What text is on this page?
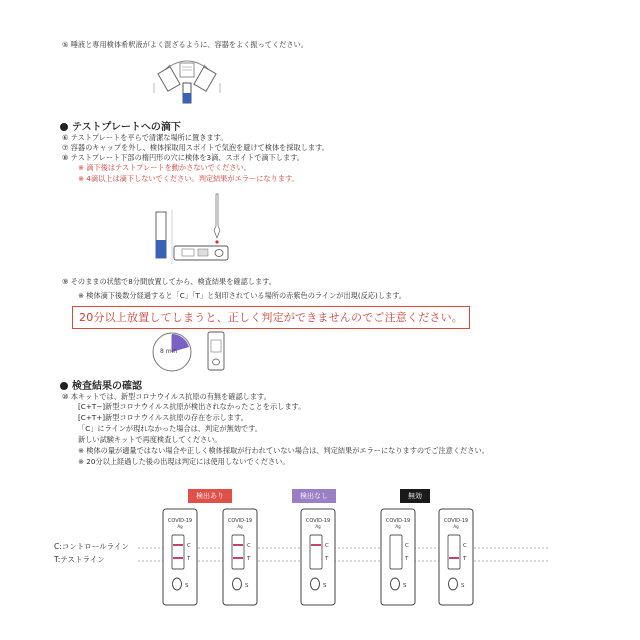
⑤ 唾液と専用検体希釈液がよく混ざるように、容器をよく振ってください。
テストプレートへの滴下
⑥ テストプレートを平らで清潔な場所に置きます。
⑦ 容器のキャップを外し、検体採取用スポイトで気泡を避けて検体を採取します。
⑧ テストプレート下部の楕円形の穴に検体を3滴、スポイトで滴下します。
※ 滴下後はテストプレートを動かさないでください。
※ 4滴以上は滴下しないでください。判定結果がエラーになります。
⑨ そのままの状態で8分間放置してから、検査結果を確認します。
※ 検体滴下後数分経過すると「C」「T」と刻印されている場所の赤紫色のラインが出現(反応)します。
20分以上放置してしまうと、正しく判定ができませんのでご注意ください。
8 min
検査結果の確認
⑩ 本キットでは、新型コロナウイルス抗原の有無を確認します。
[C+T−]新型コロナウイルス抗原が検出されなかったことを示します。
[C+T+]新型コロナウイルス抗原の存在を示します。
「C」にラインが現れなかった場合は、判定が無効です。
新しい試験キットで再度検査してください。
※ 検体の量が適量ではない場合や正しく検体採取が行われていない場合は、判定結果がエラーになりますのでご注意ください。
※ 20分以上経過した後の出現は判定には使用しないでください。
検出あり	検出なし	無効
C:コントロールライン
T:テストライン
COVID-19
Ag
C
T
S
COVID-19
Ag
C
T
S
COVID-19
Ag
C
T
S
COVID-19
Ag
C
T
S
COVID-19
Ag
C
T
S
